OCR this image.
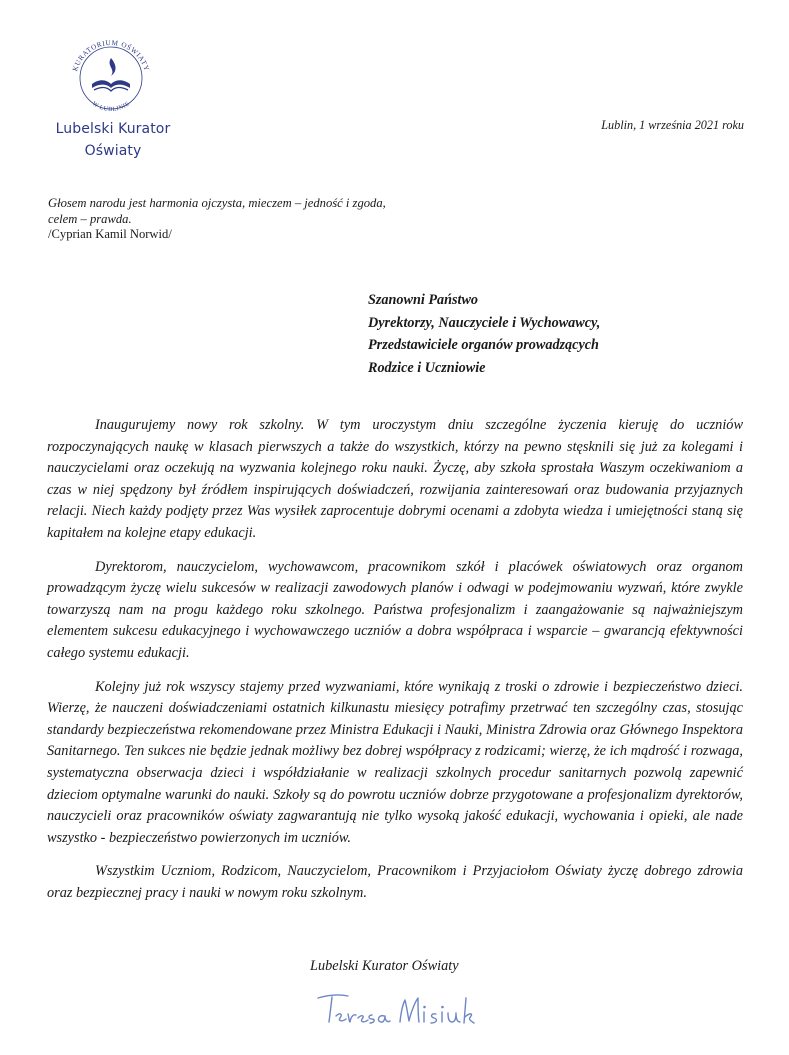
KURATORIUM OŚWIATY
W LUBLINIE
Lubelski Kurator
Oświaty
Lublin, 1 września 2021 roku
Głosem narodu jest harmonia ojczysta, mieczem – jedność i zgoda,
celem – prawda.
/Cyprian Kamil Norwid/
Szanowni Państwo
Dyrektorzy, Nauczyciele i Wychowawcy,
Przedstawiciele organów prowadzących
Rodzice i Uczniowie

Inaugurujemy nowy rok szkolny. W tym uroczystym dniu szczególne życzenia kieruję do uczniów rozpoczynających naukę w klasach pierwszych a także do wszystkich, którzy na pewno stęsknili się już za kolegami i nauczycielami oraz oczekują na wyzwania kolejnego roku nauki. Życzę, aby szkoła sprostała Waszym oczekiwaniom a czas w niej spędzony był źródłem inspirujących doświadczeń, rozwijania zainteresowań oraz budowania przyjaznych relacji. Niech każdy podjęty przez Was wysiłek zaprocentuje dobrymi ocenami a zdobyta wiedza i umiejętności staną się kapitałem na kolejne etapy edukacji.

Dyrektorom, nauczycielom, wychowawcom, pracownikom szkół i placówek oświatowych oraz organom prowadzącym życzę wielu sukcesów w realizacji zawodowych planów i odwagi w podejmowaniu wyzwań, które zwykle towarzyszą nam na progu każdego roku szkolnego. Państwa profesjonalizm i zaangażowanie są najważniejszym elementem sukcesu edukacyjnego i wychowawczego uczniów a dobra współpraca i wsparcie – gwarancją efektywności całego systemu edukacji.

Kolejny już rok wszyscy stajemy przed wyzwaniami, które wynikają z troski o zdrowie i bezpieczeństwo dzieci. Wierzę, że nauczeni doświadczeniami ostatnich kilkunastu miesięcy potrafimy przetrwać ten szczególny czas, stosując standardy bezpieczeństwa rekomendowane przez Ministra Edukacji i Nauki, Ministra Zdrowia oraz Głównego Inspektora Sanitarnego. Ten sukces nie będzie jednak możliwy bez dobrej współpracy z rodzicami; wierzę, że ich mądrość i rozwaga, systematyczna obserwacja dzieci i współdziałanie w realizacji szkolnych procedur sanitarnych pozwolą zapewnić dzieciom optymalne warunki do nauki. Szkoły są do powrotu uczniów dobrze przygotowane a profesjonalizm dyrektorów, nauczycieli oraz pracowników oświaty zagwarantują nie tylko wysoką jakość edukacji, wychowania i opieki, ale nade wszystko - bezpieczeństwo powierzonych im uczniów.

Wszystkim Uczniom, Rodzicom, Nauczycielom, Pracownikom i Przyjaciołom Oświaty życzę dobrego zdrowia oraz bezpiecznej pracy i nauki w nowym roku szkolnym.

Lubelski Kurator Oświaty
